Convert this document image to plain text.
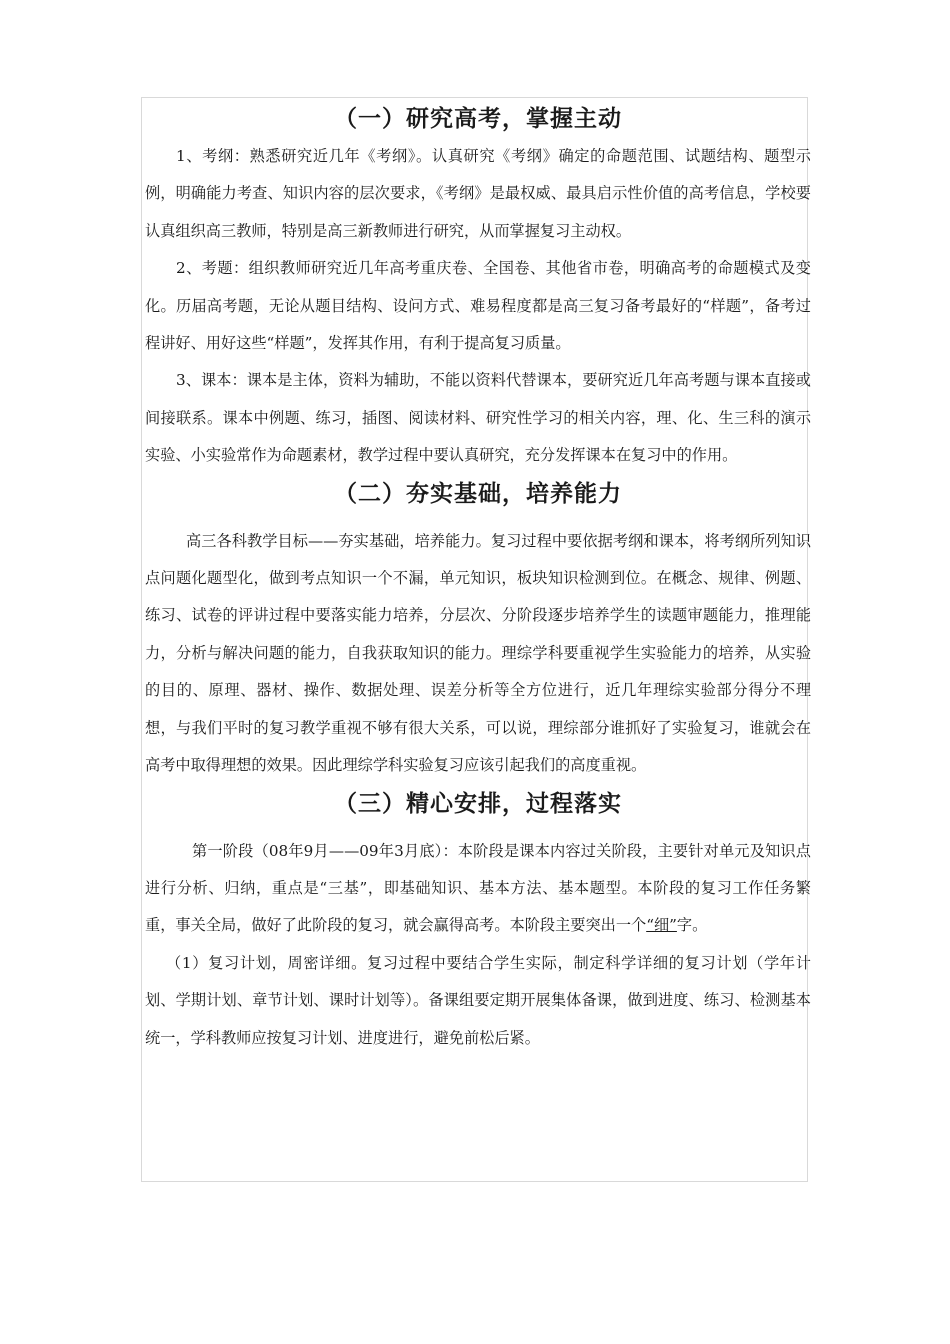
（一）研究高考，掌握主动

1、考纲：熟悉研究近几年《考纲》。认真研究《考纲》确定的命题范围、试题结构、题型示例，明确能力考查、知识内容的层次要求，《考纲》是最权威、最具启示性价值的高考信息，学校要认真组织高三教师，特别是高三新教师进行研究，从而掌握复习主动权。

2、考题：组织教师研究近几年高考重庆卷、全国卷、其他省市卷，明确高考的命题模式及变化。历届高考题，无论从题目结构、设问方式、难易程度都是高三复习备考最好的“样题”，备考过程讲好、用好这些“样题”，发挥其作用，有利于提高复习质量。

3、课本：课本是主体，资料为辅助，不能以资料代替课本，要研究近几年高考题与课本直接或间接联系。课本中例题、练习，插图、阅读材料、研究性学习的相关内容，理、化、生三科的演示实验、小实验常作为命题素材，教学过程中要认真研究，充分发挥课本在复习中的作用。

（二）夯实基础，培养能力

高三各科教学目标——夯实基础，培养能力。复习过程中要依据考纲和课本，将考纲所列知识点问题化题型化，做到考点知识一个不漏，单元知识，板块知识检测到位。在概念、规律、例题、练习、试卷的评讲过程中要落实能力培养，分层次、分阶段逐步培养学生的读题审题能力，推理能力，分析与解决问题的能力，自我获取知识的能力。理综学科要重视学生实验能力的培养，从实验的目的、原理、器材、操作、数据处理、误差分析等全方位进行，近几年理综实验部分得分不理想，与我们平时的复习教学重视不够有很大关系，可以说，理综部分谁抓好了实验复习，谁就会在高考中取得理想的效果。因此理综学科实验复习应该引起我们的高度重视。

（三）精心安排，过程落实

第一阶段（08年9月——09年3月底）：本阶段是课本内容过关阶段，主要针对单元及知识点进行分析、归纳，重点是“三基”，即基础知识、基本方法、基本题型。本阶段的复习工作任务繁重，事关全局，做好了此阶段的复习，就会赢得高考。本阶段主要突出一个“细”字。

（1）复习计划，周密详细。复习过程中要结合学生实际，制定科学详细的复习计划（学年计划、学期计划、章节计划、课时计划等）。备课组要定期开展集体备课，做到进度、练习、检测基本统一，学科教师应按复习计划、进度进行，避免前松后紧。
